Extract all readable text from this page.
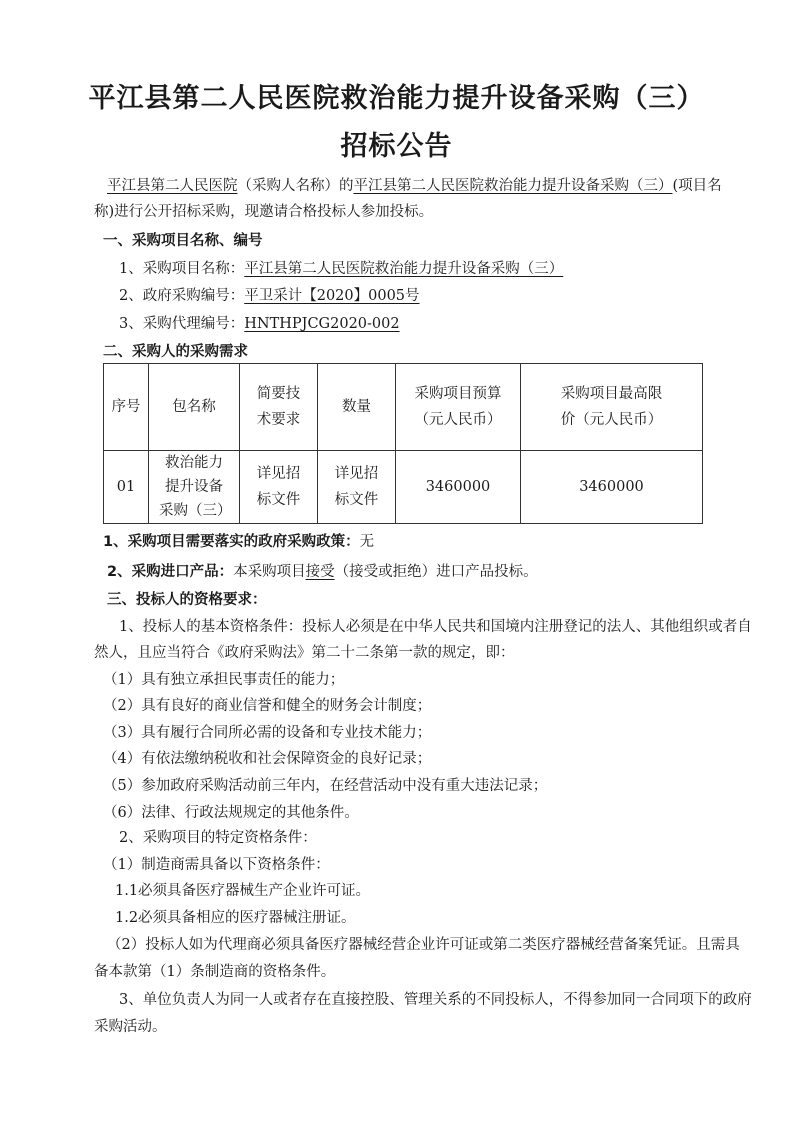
平江县第二人民医院救治能力提升设备采购（三）
招标公告
平江县第二人民医院（采购人名称）的平江县第二人民医院救治能力提升设备采购（三）(项目名
称)进行公开招标采购，现邀请合格投标人参加投标。
一、采购项目名称、编号
1、采购项目名称：平江县第二人民医院救治能力提升设备采购（三）
2、政府采购编号：平卫采计【2020】0005号
3、采购代理编号：HNTHPJCG2020-002
二、采购人的采购需求
序号	包名称	简要技术要求	数量	采购项目预算（元人民币）	采购项目最高限价（元人民币）
01	救治能力提升设备采购（三）	详见招标文件	详见招标文件	3460000	3460000
1、采购项目需要落实的政府采购政策：无
2、采购进口产品：本采购项目接受（接受或拒绝）进口产品投标。
三、投标人的资格要求：
1、投标人的基本资格条件：投标人必须是在中华人民共和国境内注册登记的法人、其他组织或者自
然人，且应当符合《政府采购法》第二十二条第一款的规定，即：
（1）具有独立承担民事责任的能力；
（2）具有良好的商业信誉和健全的财务会计制度；
（3）具有履行合同所必需的设备和专业技术能力；
（4）有依法缴纳税收和社会保障资金的良好记录；
（5）参加政府采购活动前三年内，在经营活动中没有重大违法记录；
（6）法律、行政法规规定的其他条件。
2、采购项目的特定资格条件：
（1）制造商需具备以下资格条件：
1.1必须具备医疗器械生产企业许可证。
1.2必须具备相应的医疗器械注册证。
（2）投标人如为代理商必须具备医疗器械经营企业许可证或第二类医疗器械经营备案凭证。且需具
备本款第（1）条制造商的资格条件。
3、单位负责人为同一人或者存在直接控股、管理关系的不同投标人，不得参加同一合同项下的政府
采购活动。
